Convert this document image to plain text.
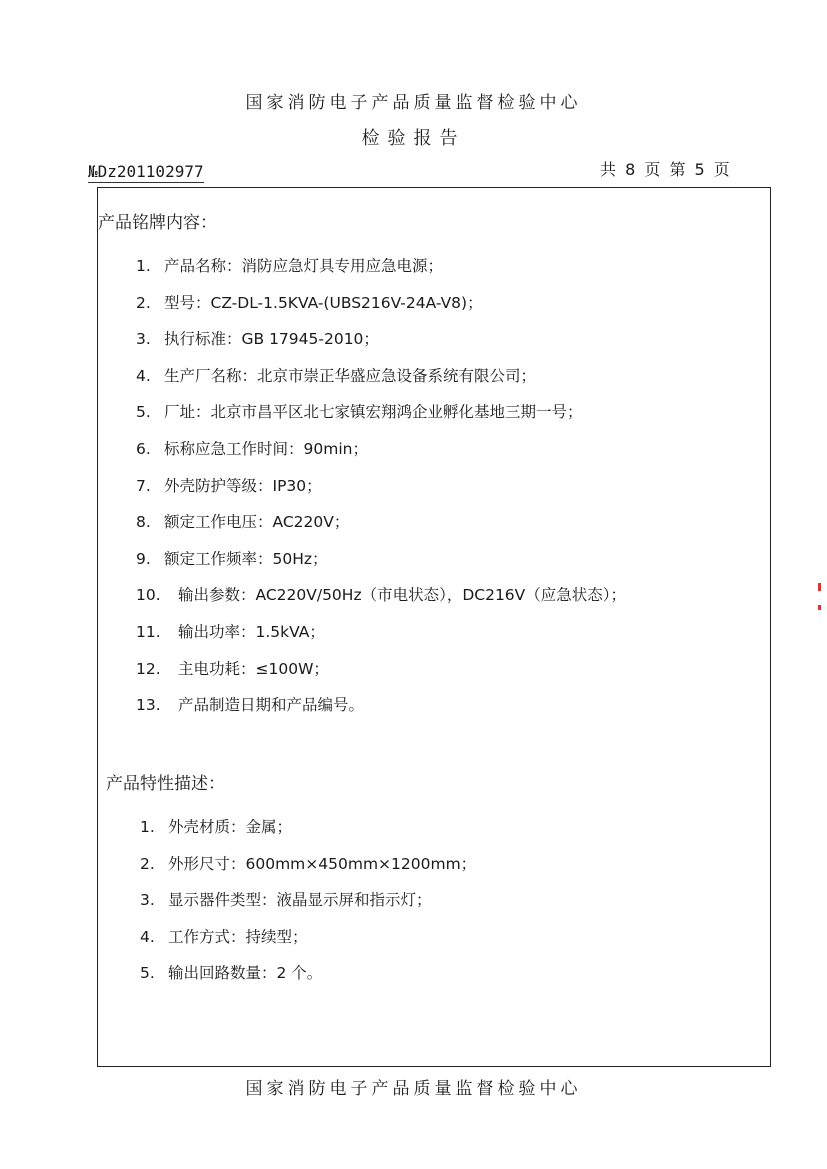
国家消防电子产品质量监督检验中心
检验报告
№Dz201102977	共 8 页 第 5 页
产品铭牌内容：
1. 产品名称：消防应急灯具专用应急电源；
2. 型号：CZ-DL-1.5KVA-(UBS216V-24A-V8)；
3. 执行标准：GB 17945-2010；
4. 生产厂名称：北京市崇正华盛应急设备系统有限公司；
5. 厂址：北京市昌平区北七家镇宏翔鸿企业孵化基地三期一号；
6. 标称应急工作时间：90min；
7. 外壳防护等级：IP30；
8. 额定工作电压：AC220V；
9. 额定工作频率：50Hz；
10. 输出参数：AC220V/50Hz（市电状态），DC216V（应急状态）；
11. 输出功率：1.5kVA；
12. 主电功耗：≤100W；
13. 产品制造日期和产品编号。
产品特性描述：
1. 外壳材质：金属；
2. 外形尺寸：600mm×450mm×1200mm；
3. 显示器件类型：液晶显示屏和指示灯；
4. 工作方式：持续型；
5. 输出回路数量：2 个。
国家消防电子产品质量监督检验中心
